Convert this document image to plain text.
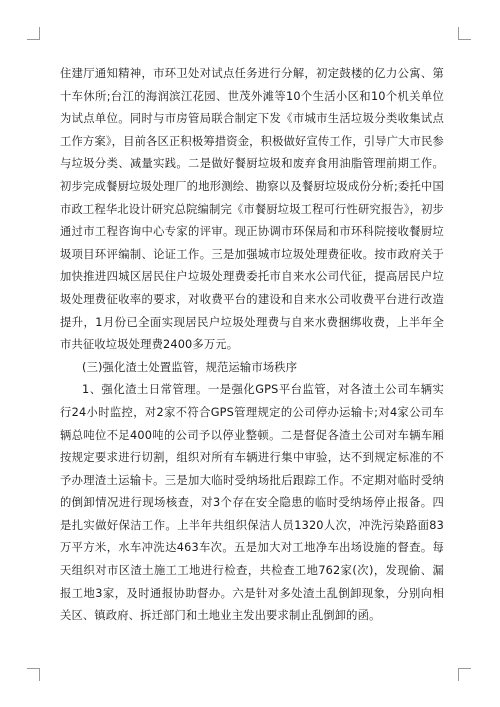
住建厅通知精神，市环卫处对试点任务进行分解，初定鼓楼的亿力公寓、第十车休所;台江的海润滨江花园、世茂外滩等10个生活小区和10个机关单位为试点单位。同时与市房管局联合制定下发《市城市生活垃圾分类收集试点工作方案》，目前各区正积极筹措资金，积极做好宣传工作，引导广大市民参与垃圾分类、减量实践。二是做好餐厨垃圾和废弃食用油脂管理前期工作。初步完成餐厨垃圾处理厂的地形测绘、勘察以及餐厨垃圾成份分析;委托中国市政工程华北设计研究总院编制完《市餐厨垃圾工程可行性研究报告》，初步通过市工程咨询中心专家的评审。现正协调市环保局和市环科院接收餐厨垃圾项目环评编制、论证工作。三是加强城市垃圾处理费征收。按市政府关于加快推进四城区居民住户垃圾处理费委托市自来水公司代征，提高居民户垃圾处理费征收率的要求，对收费平台的建设和自来水公司收费平台进行改造提升，1月份已全面实现居民户垃圾处理费与自来水费捆绑收费，上半年全市共征收垃圾处理费2400多万元。

(三)强化渣土处置监管，规范运输市场秩序

1、强化渣土日常管理。一是强化GPS平台监管，对各渣土公司车辆实行24小时监控，对2家不符合GPS管理规定的公司停办运输卡;对4家公司车辆总吨位不足400吨的公司予以停业整顿。二是督促各渣土公司对车辆车厢按规定要求进行切割，组织对所有车辆进行集中审验，达不到规定标准的不予办理渣土运输卡。三是加大临时受纳场批后跟踪工作。不定期对临时受纳的倒卸情况进行现场核查，对3个存在安全隐患的临时受纳场停止报备。四是扎实做好保洁工作。上半年共组织保洁人员1320人次，冲洗污染路面83万平方米，水车冲洗达463车次。五是加大对工地净车出场设施的督查。每天组织对市区渣土施工工地进行检查，共检查工地762家(次)，发现偷、漏报工地3家，及时通报协助督办。六是针对多处渣土乱倒卸现象，分别向相关区、镇政府、拆迁部门和土地业主发出要求制止乱倒卸的函。
